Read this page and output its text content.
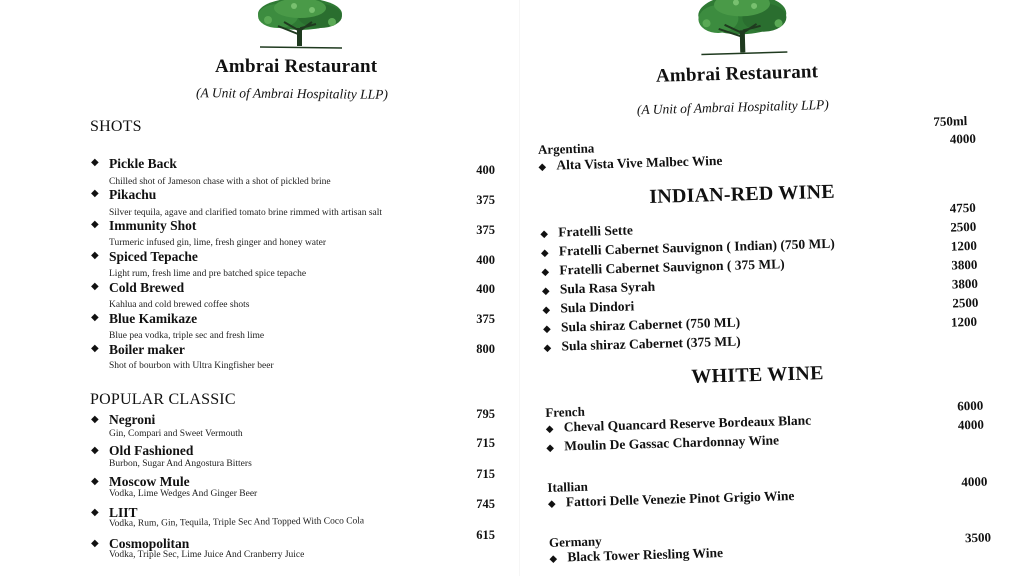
Ambrai Restaurant
(A Unit of Ambrai Hospitality LLP)
SHOTS
◆ Pickle Back
Chilled shot of Jameson chase with a shot of pickled brine
400
◆ Pikachu
Silver tequila, agave and clarified tomato brine rimmed with artisan salt
375
◆ Immunity Shot
Turmeric infused gin, lime, fresh ginger and honey water
375
◆ Spiced Tepache
Light rum, fresh lime and pre batched spice tepache
400
◆ Cold Brewed
Kahlua and cold brewed coffee shots
400
◆ Blue Kamikaze
Blue pea vodka, triple sec and fresh lime
375
◆ Boiler maker
Shot of bourbon with Ultra Kingfisher beer
800
POPULAR CLASSIC
◆ Negroni
Gin, Compari and Sweet Vermouth
795
◆ Old Fashioned
Burbon, Sugar And Angostura Bitters
715
◆ Moscow Mule
Vodka, Lime Wedges And Ginger Beer
715
◆ LIIT
Vodka, Rum, Gin, Tequila, Triple Sec And Topped With Coco Cola
745
◆ Cosmopolitan
Vodka, Triple Sec, Lime Juice And Cranberry Juice
615
Ambrai Restaurant
(A Unit of Ambrai Hospitality LLP)
750ml
Argentina
◆ Alta Vista Vive Malbec Wine
4000
INDIAN-RED WINE
◆ Fratelli Sette
4750
◆ Fratelli Cabernet Sauvignon ( Indian) (750 ML)
2500
◆ Fratelli Cabernet Sauvignon ( 375 ML)
1200
◆ Sula Rasa Syrah
3800
◆ Sula Dindori
3800
◆ Sula shiraz Cabernet (750 ML)
2500
◆ Sula shiraz Cabernet (375 ML)
1200
WHITE WINE
French
◆ Cheval Quancard Reserve Bordeaux Blanc
6000
◆ Moulin De Gassac Chardonnay Wine
4000
Itallian
◆ Fattori Delle Venezie Pinot Grigio Wine
4000
Germany
◆ Black Tower Riesling Wine
3500
